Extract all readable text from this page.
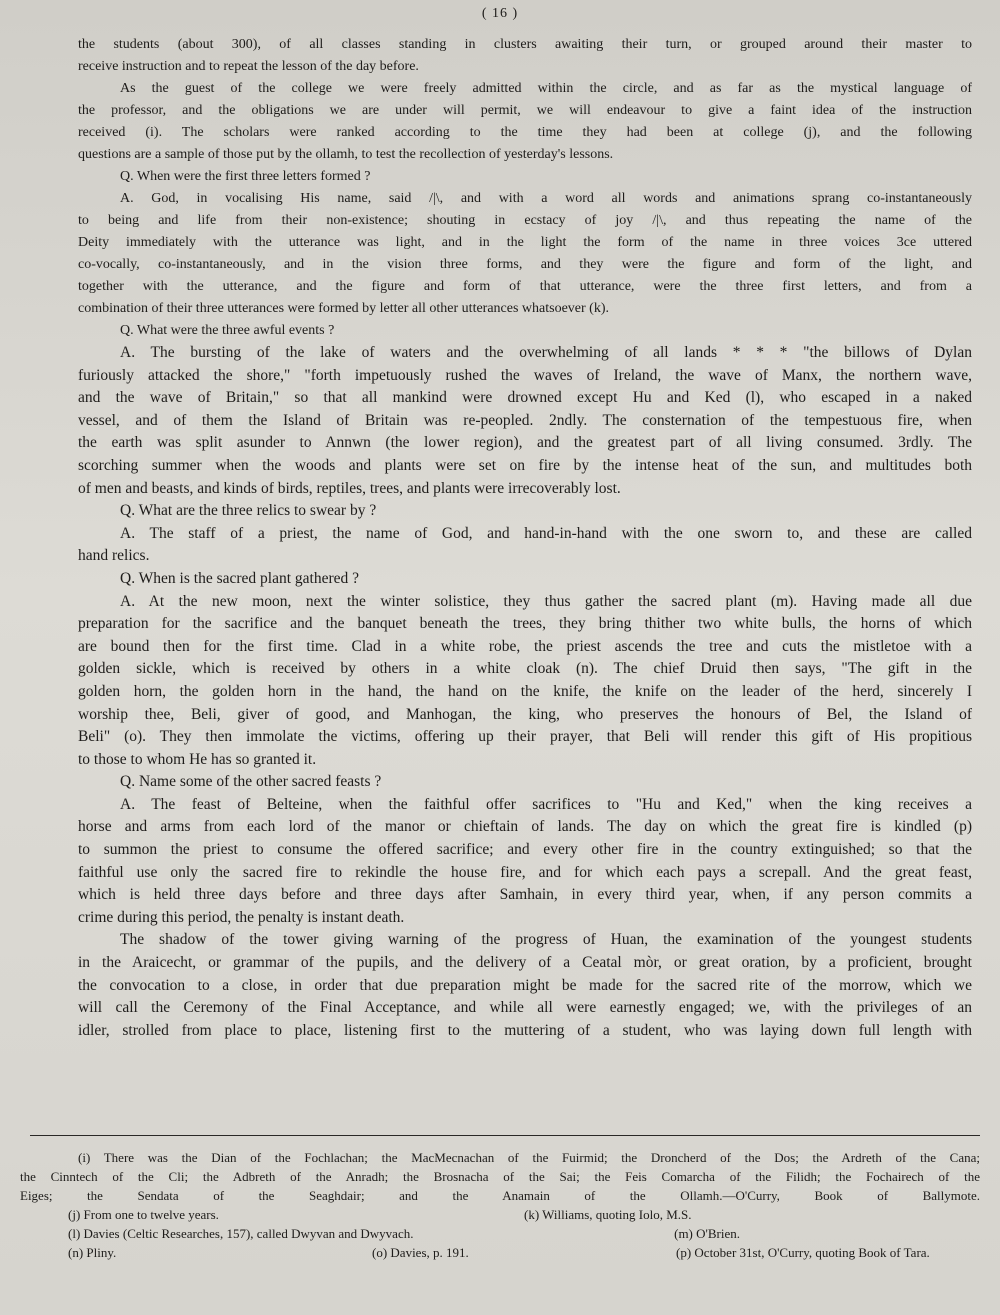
( 16 )

the students (about 300), of all classes standing in clusters awaiting their turn, or grouped around their master to

receive instruction and to repeat the lesson of the day before.

As the guest of the college we were freely admitted within the circle, and as far as the mystical language of

the professor, and the obligations we are under will permit, we will endeavour to give a faint idea of the instruction

received (i). The scholars were ranked according to the time they had been at college (j), and the following

questions are a sample of those put by the ollamh, to test the recollection of yesterday's lessons.

Q. When were the first three letters formed ?

A. God, in vocalising His name, said /|\, and with a word all words and animations sprang co-instantaneously

to being and life from their non-existence; shouting in ecstacy of joy /|\, and thus repeating the name of the

Deity immediately with the utterance was light, and in the light the form of the name in three voices 3ce uttered

co-vocally, co-instantaneously, and in the vision three forms, and they were the figure and form of the light, and

together with the utterance, and the figure and form of that utterance, were the three first letters, and from a

combination of their three utterances were formed by letter all other utterances whatsoever (k).

Q. What were the three awful events ?

A. The bursting of the lake of waters and the overwhelming of all lands * * * "the billows of Dylan

furiously attacked the shore," "forth impetuously rushed the waves of Ireland, the wave of Manx, the northern wave,

and the wave of Britain," so that all mankind were drowned except Hu and Ked (l), who escaped in a naked

vessel, and of them the Island of Britain was re-peopled. 2ndly. The consternation of the tempestuous fire, when

the earth was split asunder to Annwn (the lower region), and the greatest part of all living consumed. 3rdly. The

scorching summer when the woods and plants were set on fire by the intense heat of the sun, and multitudes both

of men and beasts, and kinds of birds, reptiles, trees, and plants were irrecoverably lost.

Q. What are the three relics to swear by ?

A. The staff of a priest, the name of God, and hand-in-hand with the one sworn to, and these are called

hand relics.

Q. When is the sacred plant gathered ?

A. At the new moon, next the winter solistice, they thus gather the sacred plant (m). Having made all due

preparation for the sacrifice and the banquet beneath the trees, they bring thither two white bulls, the horns of which

are bound then for the first time. Clad in a white robe, the priest ascends the tree and cuts the mistletoe with a

golden sickle, which is received by others in a white cloak (n). The chief Druid then says, "The gift in the

golden horn, the golden horn in the hand, the hand on the knife, the knife on the leader of the herd, sincerely I

worship thee, Beli, giver of good, and Manhogan, the king, who preserves the honours of Bel, the Island of

Beli" (o). They then immolate the victims, offering up their prayer, that Beli will render this gift of His propitious

to those to whom He has so granted it.

Q. Name some of the other sacred feasts ?

A. The feast of Belteine, when the faithful offer sacrifices to "Hu and Ked," when the king receives a

horse and arms from each lord of the manor or chieftain of lands. The day on which the great fire is kindled (p)

to summon the priest to consume the offered sacrifice; and every other fire in the country extinguished; so that the

faithful use only the sacred fire to rekindle the house fire, and for which each pays a screpall. And the great feast,

which is held three days before and three days after Samhain, in every third year, when, if any person commits a

crime during this period, the penalty is instant death.

The shadow of the tower giving warning of the progress of Huan, the examination of the youngest students

in the Araicecht, or grammar of the pupils, and the delivery of a Ceatal mòr, or great oration, by a proficient, brought

the convocation to a close, in order that due preparation might be made for the sacred rite of the morrow, which we

will call the Ceremony of the Final Acceptance, and while all were earnestly engaged; we, with the privileges of an

idler, strolled from place to place, listening first to the muttering of a student, who was laying down full length with

(i) There was the Dian of the Fochlachan; the MacMecnachan of the Fuirmid; the Droncherd of the Dos; the Ardreth of the Cana;

the Cinntech of the Cli; the Adbreth of the Anradh; the Brosnacha of the Sai; the Feis Comarcha of the Filidh; the Fochairech of the

Eiges; the Sendata of the Seaghdair; and the Anamain of the Ollamh.—O'Curry, Book of Ballymote.

(j) From one to twelve years.	(k) Williams, quoting Iolo, M.S.
(l) Davies (Celtic Researches, 157), called Dwyvan and Dwyvach.	(m) O'Brien.
(n) Pliny.	(o) Davies, p. 191.	(p) October 31st, O'Curry, quoting Book of Tara.
